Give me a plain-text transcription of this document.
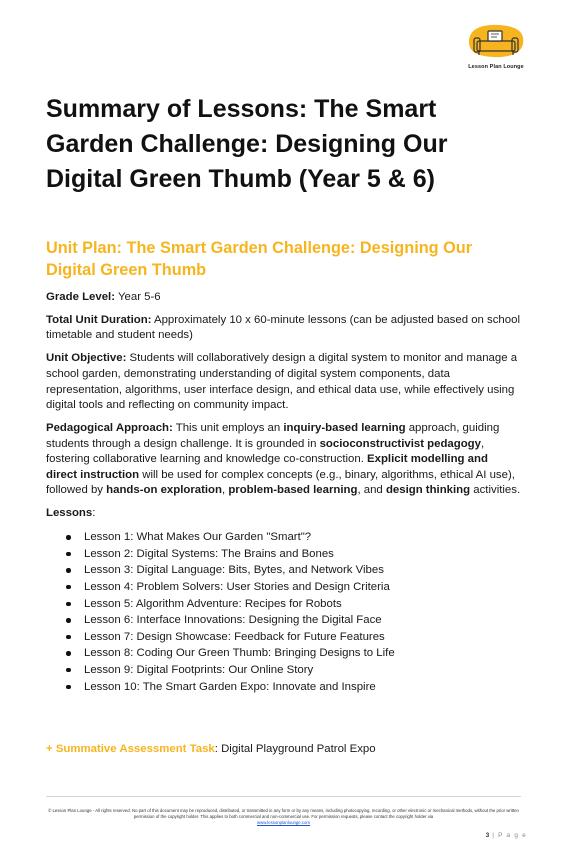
Lesson Plan Lounge
Summary of Lessons: The Smart Garden Challenge: Designing Our Digital Green Thumb (Year 5 & 6)
Unit Plan: The Smart Garden Challenge: Designing Our Digital Green Thumb

Grade Level: Year 5-6

Total Unit Duration: Approximately 10 x 60-minute lessons (can be adjusted based on school timetable and student needs)

Unit Objective: Students will collaboratively design a digital system to monitor and manage a school garden, demonstrating understanding of digital system components, data representation, algorithms, user interface design, and ethical data use, while effectively using digital tools and reflecting on community impact.

Pedagogical Approach: This unit employs an inquiry-based learning approach, guiding students through a design challenge. It is grounded in socioconstructivist pedagogy, fostering collaborative learning and knowledge co-construction. Explicit modelling and direct instruction will be used for complex concepts (e.g., binary, algorithms, ethical AI use), followed by hands-on exploration, problem-based learning, and design thinking activities.

Lessons:

Lesson 1: What Makes Our Garden "Smart"?
Lesson 2: Digital Systems: The Brains and Bones
Lesson 3: Digital Language: Bits, Bytes, and Network Vibes
Lesson 4: Problem Solvers: User Stories and Design Criteria
Lesson 5: Algorithm Adventure: Recipes for Robots
Lesson 6: Interface Innovations: Designing the Digital Face
Lesson 7: Design Showcase: Feedback for Future Features
Lesson 8: Coding Our Green Thumb: Bringing Designs to Life
Lesson 9: Digital Footprints: Our Online Story
Lesson 10: The Smart Garden Expo: Innovate and Inspire
+ Summative Assessment Task: Digital Playground Patrol Expo
© Lesson Plan Lounge - All rights reserved. No part of this document may be reproduced, distributed, or transmitted in any form or by any means, including photocopying, recording, or other electronic or mechanical methods, without the prior written permission of the copyright holder. This applies to both commercial and non-commercial use. For permission requests, please contact the copyright holder via
www.lessonplanlounge.com
3 | P a g e
